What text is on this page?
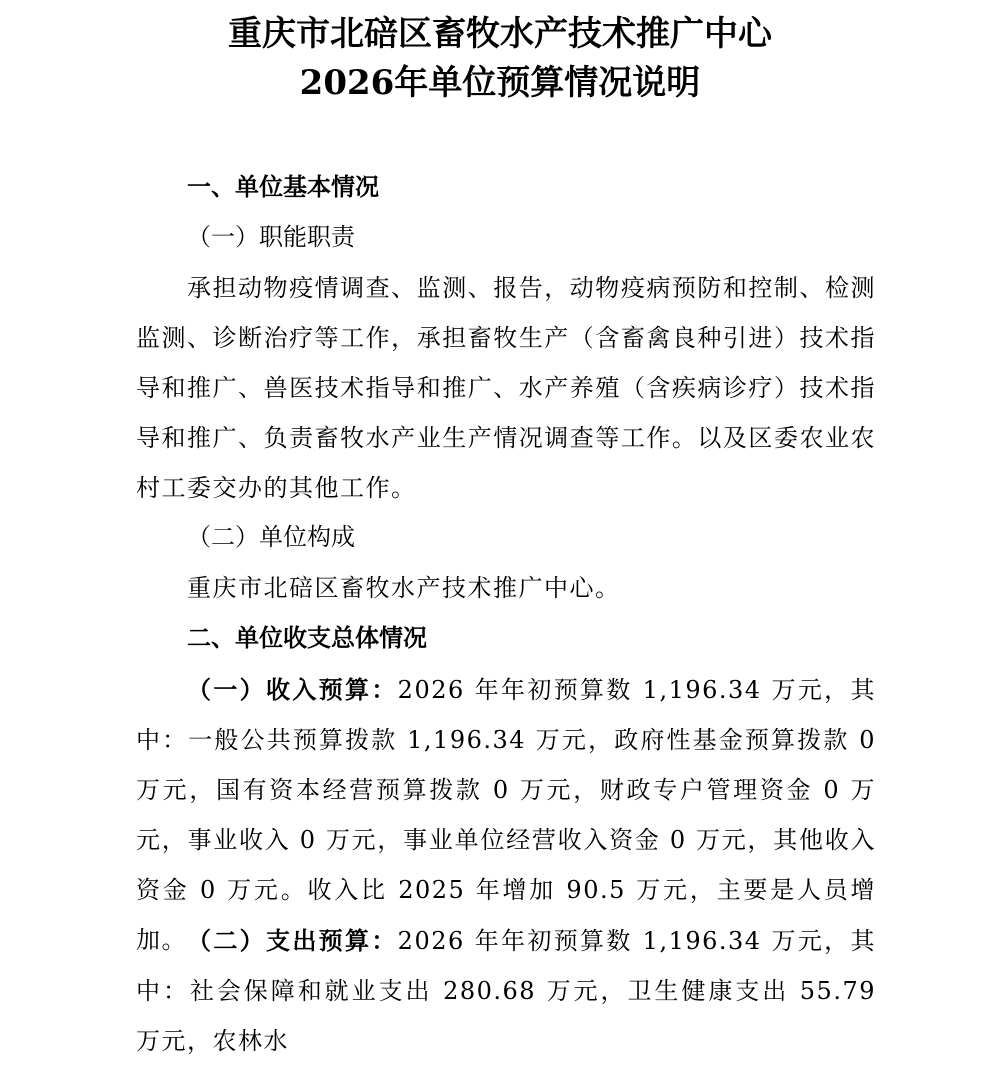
重庆市北碚区畜牧水产技术推广中心
2026年单位预算情况说明
一、单位基本情况
（一）职能职责
承担动物疫情调查、监测、报告，动物疫病预防和控制、检测监测、诊断治疗等工作，承担畜牧生产（含畜禽良种引进）技术指导和推广、兽医技术指导和推广、水产养殖（含疾病诊疗）技术指导和推广、负责畜牧水产业生产情况调查等工作。以及区委农业农村工委交办的其他工作。
（二）单位构成
重庆市北碚区畜牧水产技术推广中心。
二、单位收支总体情况
（一）收入预算：2026 年年初预算数 1,196.34 万元，其中：一般公共预算拨款 1,196.34 万元，政府性基金预算拨款 0 万元，国有资本经营预算拨款 0 万元，财政专户管理资金 0 万元，事业收入 0 万元，事业单位经营收入资金 0 万元，其他收入资金 0 万元。收入比 2025 年增加 90.5 万元，主要是人员增加。 （二）支出预算：2026 年年初预算数 1,196.34 万元，其中：社会保障和就业支出 280.68 万元，卫生健康支出 55.79 万元，农林水
